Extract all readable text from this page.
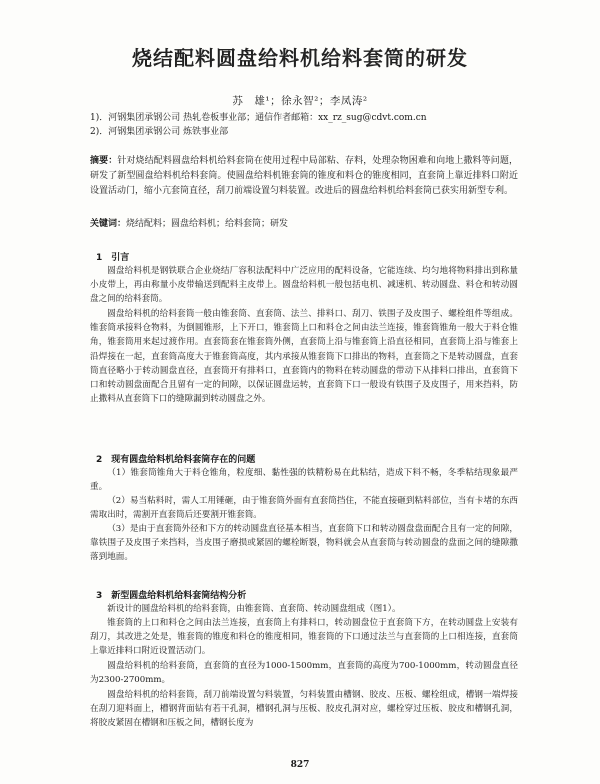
烧结配料圆盘给料机给料套筒的研发
苏　雄¹；徐永智²；李凤涛²
1)．河钢集团承钢公司 热轧卷板事业部；通信作者邮箱：xx_rz_sug@cdvt.com.cn
2)．河钢集团承钢公司 炼铁事业部
摘要：针对烧结配料圆盘给料机给料套筒在使用过程中局部粘、存料，处理杂物困难和向地上撒料等问题，研发了新型圆盘给料机给料套筒。使圆盘给料机锥套筒的锥度和料仓的锥度相同，直套筒上靠近排料口附近设置活动门，缩小亢套筒直径，刮刀前端设置匀料装置。改进后的圆盘给料机给料套筒已获实用新型专利。
关键词：烧结配料；圆盘给料机；给料套筒；研发
1　引言

圆盘给料机是钢铁联合企业烧结厂容积法配料中广泛应用的配料设备，它能连续、均匀地将物料排出到称量小皮带上，再由称量小皮带输送到配料主皮带上。圆盘给料机一般包括电机、减速机、转动圆盘、料仓和转动圆盘之间的给料套筒。

圆盘给料机的给料套筒一般由锥套筒、直套筒、法兰、排料口、刮刀、铁围子及皮围子、螺栓组件等组成。锥套筒承接料仓物料，为倒圆锥形，上下开口，锥套筒上口和料仓之间由法兰连接，锥套筒锥角一般大于料仓锥角，锥套筒用来起过渡作用。直套筒套在锥套筒外侧，直套筒上沿与锥套筒上沿直径相同，直套筒上沿与锥套上沿焊接在一起，直套筒高度大于锥套筒高度，其内承接从锥套筒下口排出的物料，直套筒之下是转动圆盘，直套筒直径略小于转动圆盘直径，直套筒开有排料口，直套筒内的物料在转动圆盘的带动下从排料口排出，直套筒下口和转动圆盘面配合且留有一定的间隙，以保证圆盘运转，直套筒下口一般设有铁围子及皮围子，用来挡料，防止撒料从直套筒下口的缝隙漏到转动圆盘之外。

2　现有圆盘给料机给料套筒存在的问题

（1）锥套筒锥角大于料仓锥角，粒度细、黏性强的铁精粉易在此粘结，造成下料不畅，冬季粘结现象最严重。

（2）易当粘料时，需人工用锤砸，由于锥套筒外面有直套筒挡住，不能直接砸到粘料部位，当有卡堵的东西需取出时，需割开直套筒后还要割开锥套筒。

（3）是由于直套筒外径和下方的转动圆盘直径基本相当，直套筒下口和转动圆盘盘面配合且有一定的间隙，靠铁围子及皮围子来挡料，当皮围子磨损或紧固的螺栓断裂，物料就会从直套筒与转动圆盘的盘面之间的缝隙撒落到地面。

3　新型圆盘给料机给料套筒结构分析

新设计的圆盘给料机的给料套筒，由锥套筒、直套筒、转动圆盘组成（图1）。

锥套筒的上口和料仓之间由法兰连接，直套筒上有排料口，转动圆盘位于直套筒下方，在转动圆盘上安装有刮刀，其改进之处是，锥套筒的锥度和料仓的锥度相同，锥套筒的下口通过法兰与直套筒的上口相连接，直套筒上靠近排料口附近设置活动门。

圆盘给料机的给料套筒，直套筒的直径为1000-1500mm，直套筒的高度为700-1000mm，转动圆盘直径为2300-2700mm。

圆盘给料机的给料套筒，刮刀前端设置匀料装置，匀料装置由槽钢、胶皮、压板、螺栓组成，槽钢一端焊接在刮刀迎料面上，槽钢背面钻有若干孔洞，槽钢孔洞与压板、胶皮孔洞对应，螺栓穿过压板、胶皮和槽钢孔洞，将胶皮紧固在槽钢和压板之间，槽钢长度为

827
